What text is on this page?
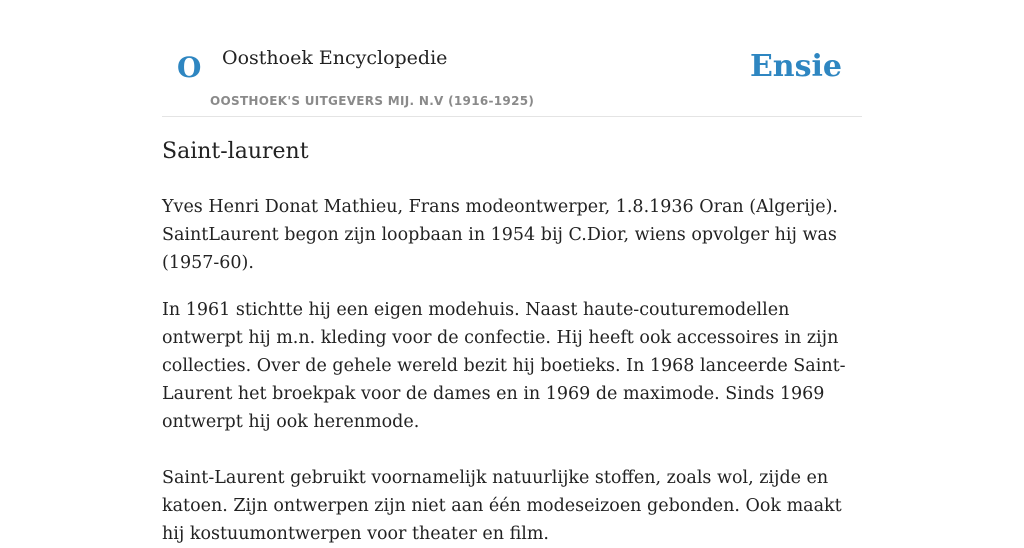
O Oosthoek Encyclopedie
OOSTHOEK'S UITGEVERS MIJ. N.V (1916-1925)
Ensie
Saint-laurent

Yves Henri Donat Mathieu, Frans modeontwerper, 1.8.1936 Oran (Algerije). SaintLaurent begon zijn loopbaan in 1954 bij C.Dior, wiens opvolger hij was (1957-60).

In 1961 stichtte hij een eigen modehuis. Naast haute-couturemodellen ontwerpt hij m.n. kleding voor de confectie. Hij heeft ook accessoires in zijn collecties. Over de gehele wereld bezit hij boetieks. In 1968 lanceerde Saint-Laurent het broekpak voor de dames en in 1969 de maximode. Sinds 1969 ontwerpt hij ook herenmode.

Saint-Laurent gebruikt voornamelijk natuurlijke stoffen, zoals wol, zijde en katoen. Zijn ontwerpen zijn niet aan één modeseizoen gebonden. Ook maakt hij kostuumontwerpen voor theater en film.
